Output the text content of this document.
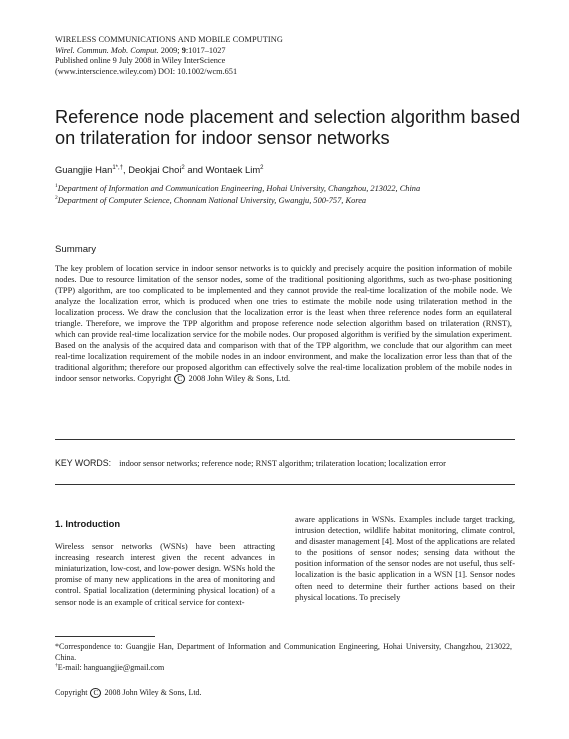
WIRELESS COMMUNICATIONS AND MOBILE COMPUTING
Wirel. Commun. Mob. Comput. 2009; 9:1017–1027
Published online 9 July 2008 in Wiley InterScience
(www.interscience.wiley.com) DOI: 10.1002/wcm.651
Reference node placement and selection algorithm based on trilateration for indoor sensor networks
Guangjie Han$^{1*,\dagger}$, Deokjai Choi$^2$ and Wontaek Lim$^2$
$^1$Department of Information and Communication Engineering, Hohai University, Changzhou, 213022, China
$^2$Department of Computer Science, Chonnam National University, Gwangju, 500-757, Korea
Summary
The key problem of location service in indoor sensor networks is to quickly and precisely acquire the position information of mobile nodes. Due to resource limitation of the sensor nodes, some of the traditional positioning algorithms, such as two-phase positioning (TPP) algorithm, are too complicated to be implemented and they cannot provide the real-time localization of the mobile node. We analyze the localization error, which is produced when one tries to estimate the mobile node using trilateration method in the localization process. We draw the conclusion that the localization error is the least when three reference nodes form an equilateral triangle. Therefore, we improve the TPP algorithm and propose reference node selection algorithm based on trilateration (RNST), which can provide real-time localization service for the mobile nodes. Our proposed algorithm is verified by the simulation experiment. Based on the analysis of the acquired data and comparison with that of the TPP algorithm, we conclude that our algorithm can meet real-time localization requirement of the mobile nodes in an indoor environment, and make the localization error less than that of the traditional algorithm; therefore our proposed algorithm can effectively solve the real-time localization problem of the mobile nodes in indoor sensor networks. Copyright C 2008 John Wiley & Sons, Ltd.
KEY WORDS: indoor sensor networks; reference node; RNST algorithm; trilateration location; localization error
1. Introduction
Wireless sensor networks (WSNs) have been attracting increasing research interest given the recent advances in miniaturization, low-cost, and low-power design. WSNs hold the promise of many new applications in the area of monitoring and control. Spatial localization (determining physical location) of a sensor node is an example of critical service for context-
aware applications in WSNs. Examples include target tracking, intrusion detection, wildlife habitat monitoring, climate control, and disaster management [4]. Most of the applications are related to the positions of sensor nodes; sensing data without the position information of the sensor nodes are not useful, thus self-localization is the basic application in a WSN [1]. Sensor nodes often need to determine their further actions based on their physical locations. To precisely
*Correspondence to: Guangjie Han, Department of Information and Communication Engineering, Hohai University, Changzhou, 213022, China.
†E-mail: hanguangjie@gmail.com
Copyright C 2008 John Wiley & Sons, Ltd.
